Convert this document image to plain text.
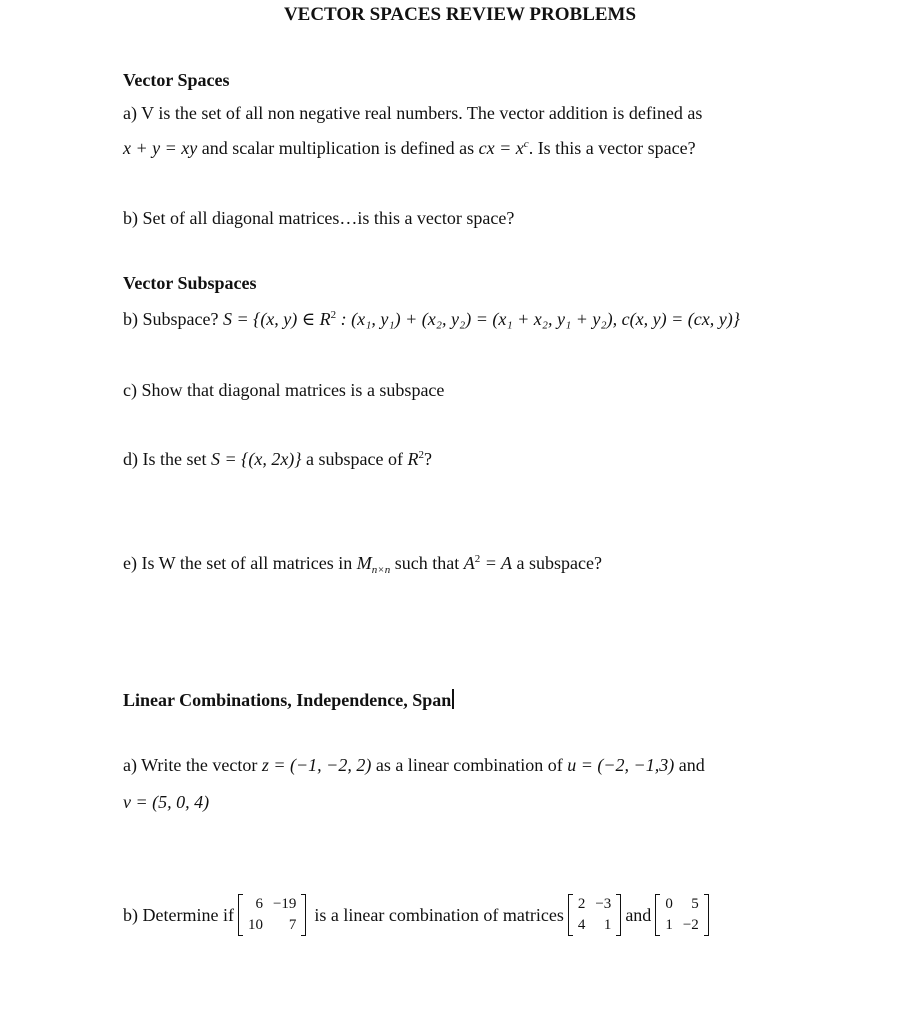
VECTOR SPACES REVIEW PROBLEMS
Vector Spaces
a) V is the set of all non negative real numbers. The vector addition is defined as
x + y = xy and scalar multiplication is defined as cx = $x^c$. Is this a vector space?
b) Set of all diagonal matrices…is this a vector space?
Vector Subspaces
b) Subspace? S = {(x, y) ∈ $R^2$ : (x₁, y₁) + (x₂, y₂) = (x₁ + x₂, y₁ + y₂), c(x, y) = (cx, y)}
c) Show that diagonal matrices is a subspace
d) Is the set S = {(x, 2x)} a subspace of $R^2$?
e) Is W the set of all matrices in $M_{n\times n}$ such that $A^2 = A$ a subspace?
Linear Combinations, Independence, Span
a) Write the vector z = (−1, −2, 2) as a linear combination of u = (−2, −1,3) and
v = (5, 0, 4)
b) Determine if
6	−19
10	7
is a linear combination of matrices
2	−3
4	1
and
0	5
1	−2
